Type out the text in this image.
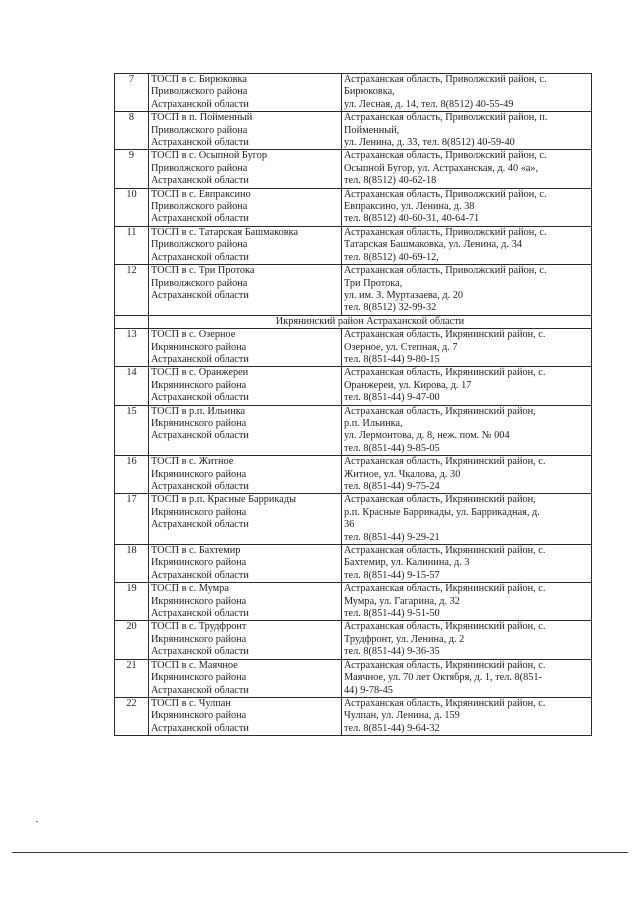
7	ТОСП в с. Бирюковка
Приволжского района
Астраханской области	Астраханская область, Приволжский район, с.
Бирюковка,
ул. Лесная, д. 14, тел. 8(8512) 40-55-49

8	ТОСП в п. Пойменный
Приволжского района
Астраханской области	Астраханская область, Приволжский район, п.
Пойменный,
ул. Ленина, д. 33, тел. 8(8512) 40-59-40

9	ТОСП в с. Осыпной Бугор
Приволжского района
Астраханской области	Астраханская область, Приволжский район, с.
Осыпной Бугор, ул. Астраханская, д. 40 «а»,
тел. 8(8512) 40-62-18

10	ТОСП в с. Евпраксино
Приволжского района
Астраханской области	Астраханская область, Приволжский район, с.
Евпраксино, ул. Ленина, д. 38
тел. 8(8512) 40-60-31, 40-64-71

11	ТОСП в с. Татарская Башмаковка
Приволжского района
Астраханской области	Астраханская область, Приволжский район, с.
Татарская Башмаковка, ул. Ленина, д. 34
тел. 8(8512) 40-69-12,

12	ТОСП в с. Три Протока
Приволжского района
Астраханской области	Астраханская область, Приволжский район, с.
Три Протока,
ул. им. З. Муртазаева, д. 20
тел. 8(8512) 32-99-32

	Икрянинский район Астраханской области	
13	ТОСП в с. Озерное
Икрянинского района
Астраханской области	Астраханская область, Икрянинский район, с.
Озерное, ул. Степная, д. 7
тел. 8(851-44) 9-80-15

14	ТОСП в с. Оранжереи
Икрянинского района
Астраханской области	Астраханская область, Икрянинский район, с.
Оранжереи, ул. Кирова, д. 17
тел. 8(851-44) 9-47-00

15	ТОСП в р.п. Ильинка
Икрянинского района
Астраханской области	Астраханская область, Икрянинский район,
р.п. Ильинка,
ул. Лермонтова, д. 8, неж. пом. № 004
тел. 8(851-44) 9-85-05

16	ТОСП в с. Житное
Икрянинского района
Астраханской области	Астраханская область, Икрянинский район, с.
Житное, ул. Чкалова, д. 30
тел. 8(851-44) 9-75-24

17	ТОСП в р.п. Красные Баррикады
Икрянинского района
Астраханской области	Астраханская область, Икрянинский район,
р.п. Красные Баррикады, ул. Баррикадная, д.
36
тел. 8(851-44) 9-29-21

18	ТОСП в с. Бахтемир
Икрянинского района
Астраханской области	Астраханская область, Икрянинский район, с.
Бахтемир, ул. Калинина, д. 3
тел. 8(851-44) 9-15-57

19	ТОСП в с. Мумра
Икрянинского района
Астраханской области	Астраханская область, Икрянинский район, с.
Мумра, ул. Гагарина, д. 32
тел. 8(851-44) 9-51-50

20	ТОСП в с. Трудфронт
Икрянинского района
Астраханской области	Астраханская область, Икрянинский район, с.
Трудфронт, ул. Ленина, д. 2
тел. 8(851-44) 9-36-35

21	ТОСП в с. Маячное
Икрянинского района
Астраханской области	Астраханская область, Икрянинский район, с.
Маячное, ул. 70 лет Октября, д. 1, тел. 8(851-
44) 9-78-45

22	ТОСП в с. Чулпан
Икрянинского района
Астраханской области	Астраханская область, Икрянинский район, с.
Чулпан, ул. Ленина, д. 159
тел. 8(851-44) 9-64-32
